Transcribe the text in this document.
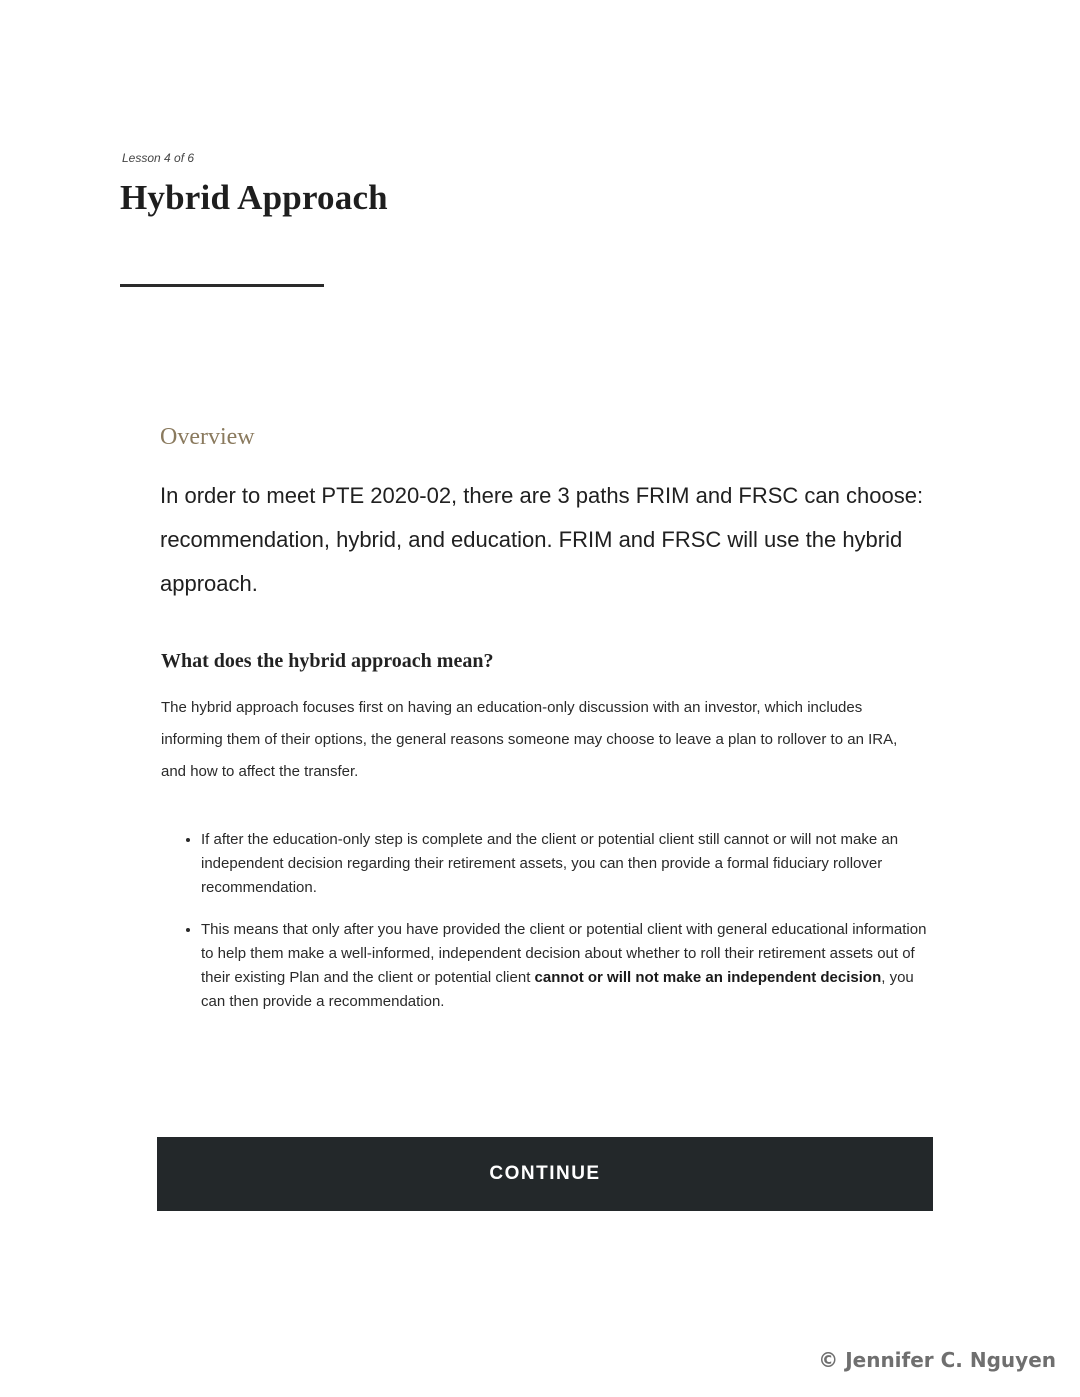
Lesson 4 of 6
Hybrid Approach
Overview

In order to meet PTE 2020-02, there are 3 paths FRIM and FRSC can choose: recommendation, hybrid, and education. FRIM and FRSC will use the hybrid approach.

What does the hybrid approach mean?

The hybrid approach focuses first on having an education-only discussion with an investor, which includes informing them of their options, the general reasons someone may choose to leave a plan to rollover to an IRA, and how to affect the transfer.

• If after the education-only step is complete and the client or potential client still cannot or will not make an independent decision regarding their retirement assets, you can then provide a formal fiduciary rollover recommendation.
• This means that only after you have provided the client or potential client with general educational information to help them make a well-informed, independent decision about whether to roll their retirement assets out of their existing Plan and the client or potential client cannot or will not make an independent decision, you can then provide a recommendation.
CONTINUE
© Jennifer C. Nguyen
